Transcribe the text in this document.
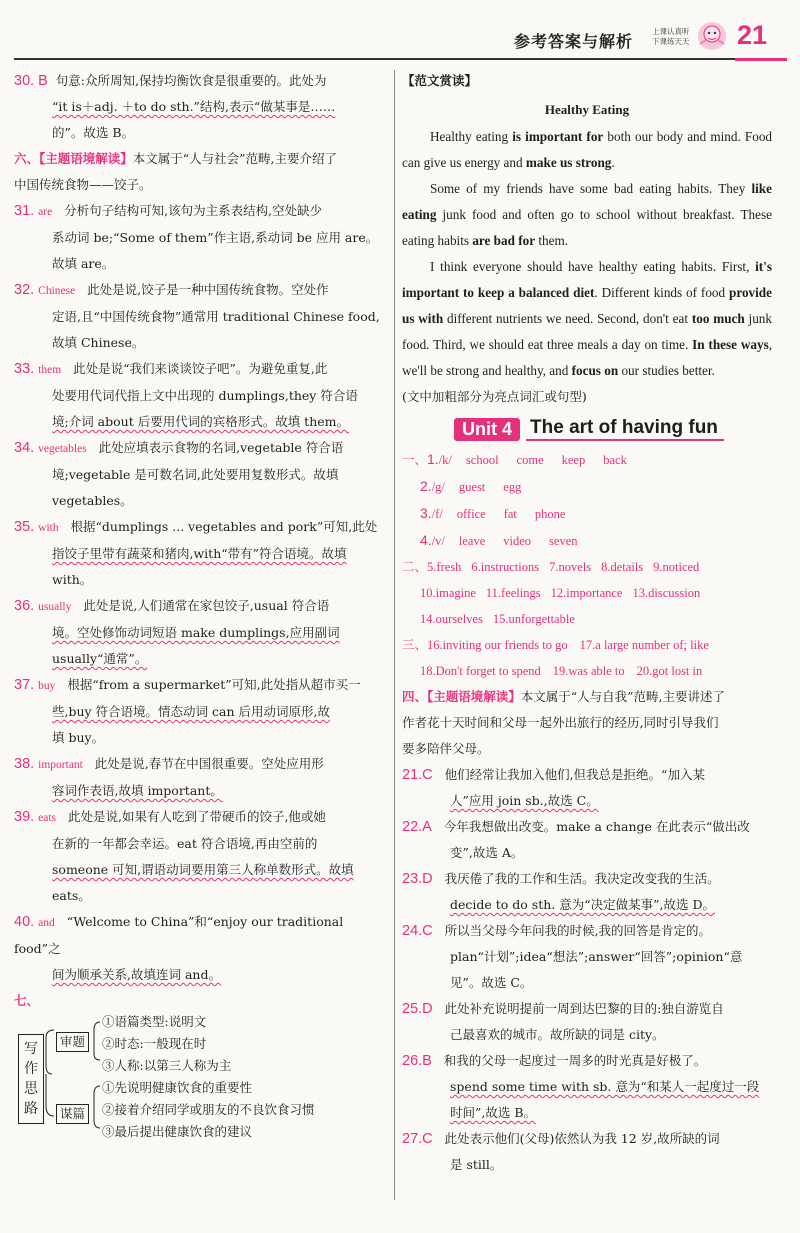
参考答案与解析
上课认真听
下课练天天 21

30. B 句意:众所周知,保持均衡饮食是很重要的。此处为

“it is＋adj. ＋to do sth.”结构,表示“做某事是……

的”。故选 B。

六、【主题语境解读】本文属于“人与社会”范畴,主要介绍了

中国传统食物——饺子。

31. are 分析句子结构可知,该句为主系表结构,空处缺少

系动词 be;“Some of them”作主语,系动词 be 应用 are。

故填 are。

32. Chinese 此处是说,饺子是一种中国传统食物。空处作

定语,且“中国传统食物”通常用 traditional Chinese food,

故填 Chinese。

33. them 此处是说“我们来谈谈饺子吧”。为避免重复,此

处要用代词代指上文中出现的 dumplings,they 符合语

境;介词 about 后要用代词的宾格形式。故填 them。

34. vegetables 此处应填表示食物的名词,vegetable 符合语

境;vegetable 是可数名词,此处要用复数形式。故填

vegetables。

35. with 根据“dumplings ... vegetables and pork”可知,此处

指饺子里带有蔬菜和猪肉,with“带有”符合语境。故填

with。

36. usually 此处是说,人们通常在家包饺子,usual 符合语

境。空处修饰动词短语 make dumplings,应用副词

usually“通常”。

37. buy 根据“from a supermarket”可知,此处指从超市买一

些,buy 符合语境。情态动词 can 后用动词原形,故

填 buy。

38. important 此处是说,春节在中国很重要。空处应用形

容词作表语,故填 important。

39. eats 此处是说,如果有人吃到了带硬币的饺子,他或她

在新的一年都会幸运。eat 符合语境,再由空前的

someone 可知,谓语动词要用第三人称单数形式。故填

eats。

40. and “Welcome to China”和“enjoy our traditional food”之

间为顺承关系,故填连词 and。

七、

写
作
思
路
审题
谋篇
①语篇类型:说明文
②时态:一般现在时
③人称:以第三人称为主
①先说明健康饮食的重要性
②接着介绍同学或朋友的不良饮食习惯
③最后提出健康饮食的建议

【范文赏读】

Healthy Eating

Healthy eating is important for both our body and mind. Food can give us energy and make us strong.

Some of my friends have some bad eating habits. They like eating junk food and often go to school without breakfast. These eating habits are bad for them.

I think everyone should have healthy eating habits. First, it's important to keep a balanced diet. Different kinds of food provide us with different nutrients we need. Second, don't eat too much junk food. Third, we should eat three meals a day on time. In these ways, we'll be strong and healthy, and focus on our studies better.

(文中加粗部分为亮点词汇或句型)

Unit 4 The art of having fun

一、1./k/ school come keep back

2./g/ guest egg

3./f/ office fat phone

4./v/ leave video seven

二、5.fresh 6.instructions 7.novels 8.details 9.noticed

10.imagine 11.feelings 12.importance 13.discussion

14.ourselves 15.unforgettable

三、16.inviting our friends to go 17.a large number of; like

18.Don't forget to spend 19.was able to 20.got lost in

四、【主题语境解读】本文属于“人与自我”范畴,主要讲述了

作者花十天时间和父母一起外出旅行的经历,同时引导我们

要多陪伴父母。

21.C 他们经常让我加入他们,但我总是拒绝。“加入某

人”应用 join sb.,故选 C。

22.A 今年我想做出改变。make a change 在此表示“做出改

变”,故选 A。

23.D 我厌倦了我的工作和生活。我决定改变我的生活。

decide to do sth. 意为“决定做某事”,故选 D。

24.C 所以当父母今年问我的时候,我的回答是肯定的。

plan“计划”;idea“想法”;answer“回答”;opinion“意

见”。故选 C。

25.D 此处补充说明提前一周到达巴黎的目的:独自游览自

己最喜欢的城市。故所缺的词是 city。

26.B 和我的父母一起度过一周多的时光真是好极了。

spend some time with sb. 意为“和某人一起度过一段

时间”,故选 B。

27.C 此处表示他们(父母)依然认为我 12 岁,故所缺的词

是 still。
